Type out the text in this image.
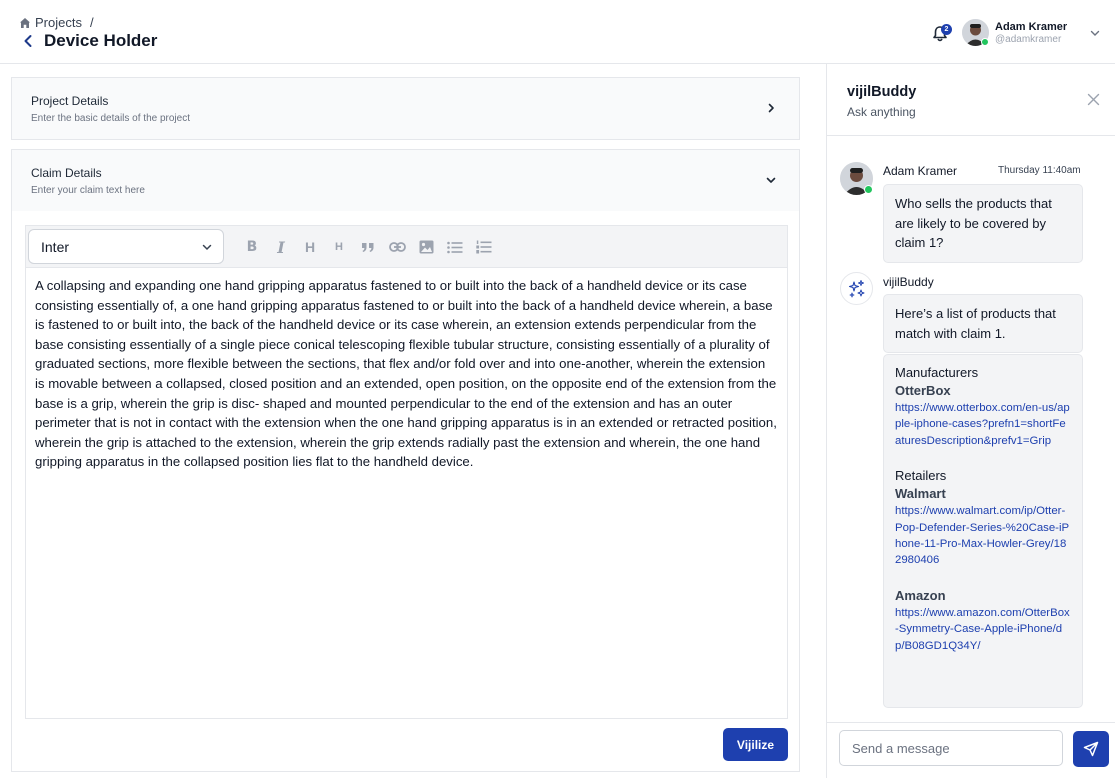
Projects /
Device Holder
2	Adam Kramer
@adamkramer
Project Details
Enter the basic details of the project
Claim Details
Enter your claim text here
Inter	B I H H
A collapsing and expanding one hand gripping apparatus fastened to or built into the back of a handheld device or its case consisting essentially of, a one hand gripping apparatus fastened to or built into the back of a handheld device wherein, a base is fastened to or built into, the back of the handheld device or its case wherein, an extension extends perpendicular from the base consisting essentially of a single piece conical telescoping flexible tubular structure, consisting essentially of a plurality of graduated sections, more flexible between the sections, that flex and/or fold over and into one-another, wherein the extension is movable between a collapsed, closed position and an extended, open position, on the opposite end of the extension from the base is a grip, wherein the grip is disc- shaped and mounted perpendicular to the end of the extension and has an outer perimeter that is not in contact with the extension when the one hand gripping apparatus is in an extended or retracted position, wherein the grip is attached to the extension, wherein the grip extends radially past the extension and wherein, the one hand gripping apparatus in the collapsed position lies flat to the handheld device.
Vijilize
vijilBuddy
Ask anything
Adam Kramer	Thursday 11:40am
Who sells the products that are likely to be covered by claim 1?
vijilBuddy
Here’s a list of products that match with claim 1.
Manufacturers
OtterBox
https://www.otterbox.com/en-us/apple-iphone-cases?prefn1=shortFeaturesDescription&prefv1=Grip
Retailers
Walmart
https://www.walmart.com/ip/Otter-Pop-Defender-Series-%20Case-iPhone-11-Pro-Max-Howler-Grey/182980406
Amazon
https://www.amazon.com/OtterBox-Symmetry-Case-Apple-iPhone/dp/B08GD1Q34Y/
Send a message
